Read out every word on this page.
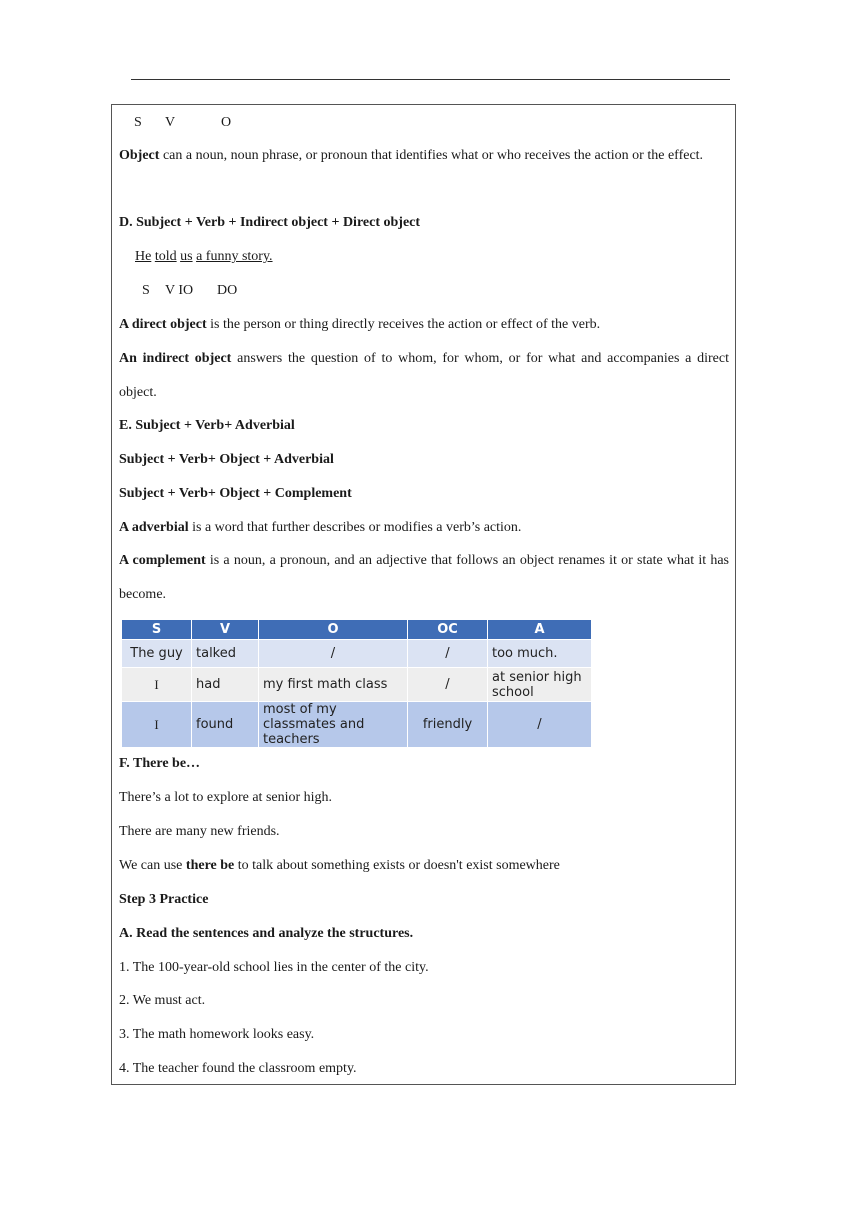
S V	O
Object can a noun, noun phrase, or pronoun that identifies what or who receives the action or the effect.
D. Subject + Verb + Indirect object + Direct object
He told us a funny story.
S V IO DO
A direct object is the person or thing directly receives the action or effect of the verb.
An indirect object answers the question of to whom, for whom, or for what and accompanies a direct object.
E. Subject + Verb+ Adverbial
Subject + Verb+ Object + Adverbial
Subject + Verb+ Object + Complement
A adverbial is a word that further describes or modifies a verb’s action.
A complement is a noun, a pronoun, and an adjective that follows an object renames it or state what it has become.
S	V	O	OC	A
The guy	talked	/	/	too much.
I	had	my first math class	/	at senior high school
I	found	most of my classmates and teachers	friendly	/
F. There be…
There’s a lot to explore at senior high.
There are many new friends.
We can use there be to talk about something exists or doesn't exist somewhere
Step 3 Practice
A. Read the sentences and analyze the structures.
1. The 100-year-old school lies in the center of the city.
2. We must act.
3. The math homework looks easy.
4. The teacher found the classroom empty.
